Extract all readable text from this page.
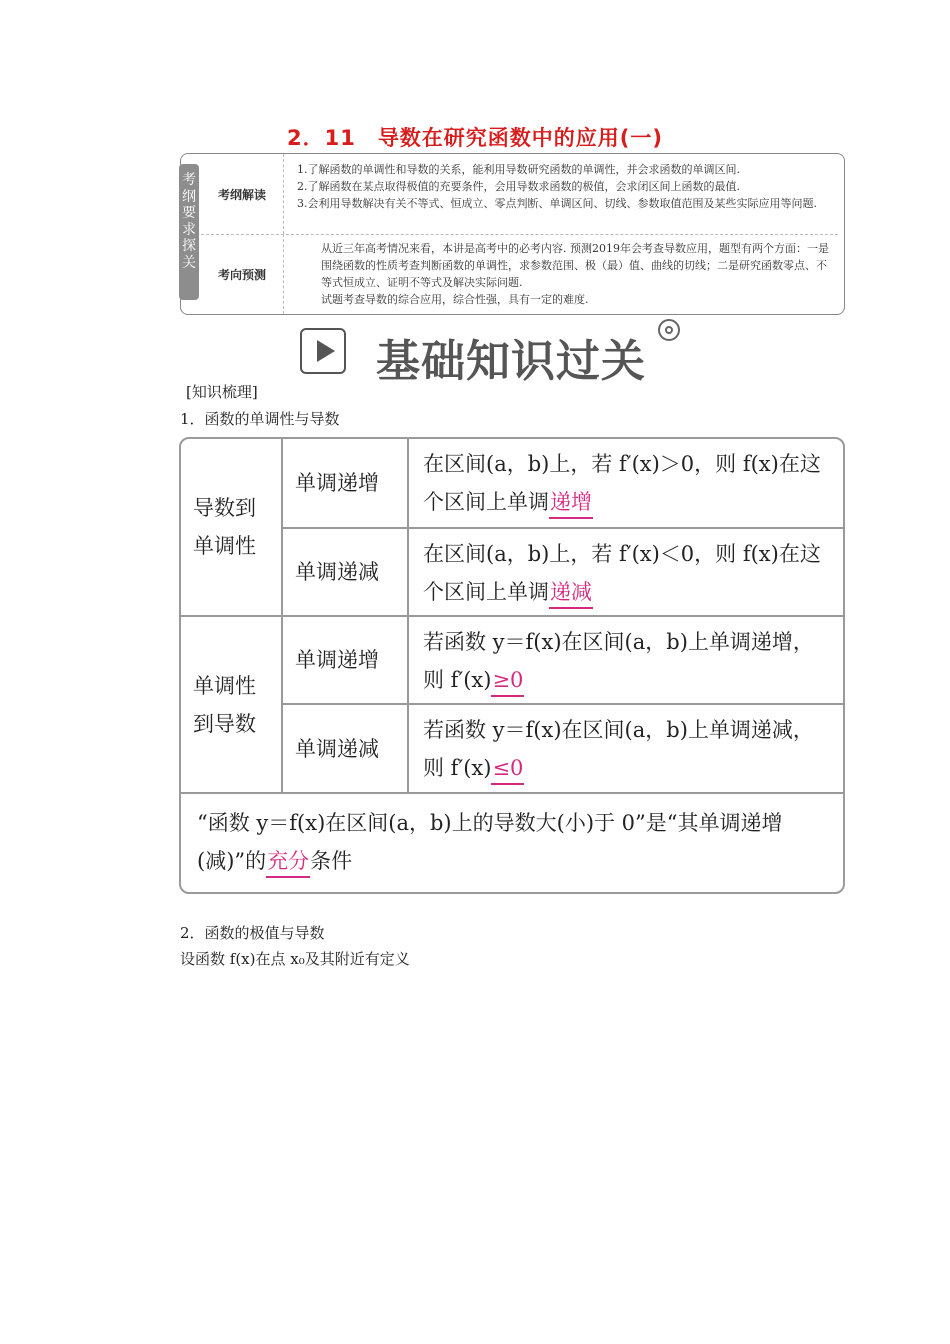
2．11 导数在研究函数中的应用(一)
考
纲
要
求
探
关
考纲解读
1.了解函数的单调性和导数的关系，能利用导数研究函数的单调性，并会求函数的单调区间.
2.了解函数在某点取得极值的充要条件，会用导数求函数的极值，会求闭区间上函数的最值.
3.会利用导数解决有关不等式、恒成立、零点判断、单调区间、切线、参数取值范围及某些实际应用等问题.
考向预测
从近三年高考情况来看，本讲是高考中的必考内容. 预测2019年会考查导数应用，题型有两个方面：一是围绕函数的性质考查判断函数的单调性，求参数范围、极（最）值、曲线的切线；二是研究函数零点、不等式恒成立、证明不等式及解决实际问题.
试题考查导数的综合应用，综合性强，具有一定的难度.
基础知识过关
[知识梳理]
1．函数的单调性与导数
导数到单调性
单调性到导数
单调递增
单调递减
单调递增
单调递减
在区间(a，b)上，若 f′(x)＞0，则 f(x)在这个区间上单调递增
在区间(a，b)上，若 f′(x)＜0，则 f(x)在这个区间上单调递减
若函数 y＝f(x)在区间(a，b)上单调递增，则 f′(x)≥0
若函数 y＝f(x)在区间(a，b)上单调递减，则 f′(x)≤0
“函数 y＝f(x)在区间(a，b)上的导数大(小)于 0”是“其单调递增(减)”的充分条件
2．函数的极值与导数
设函数 f(x)在点 x₀及其附近有定义
